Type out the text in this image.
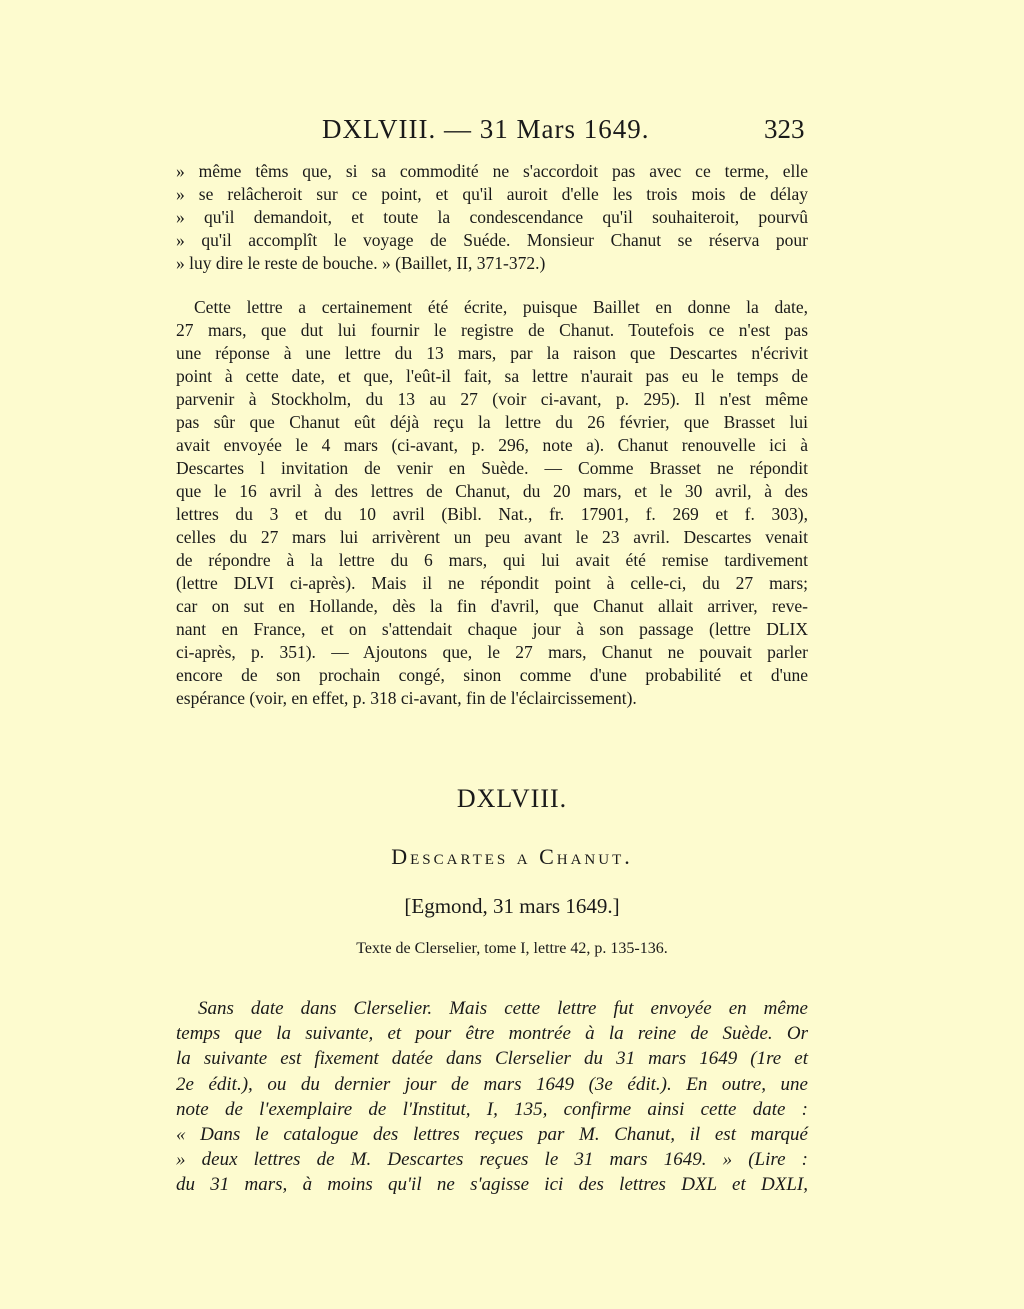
DXLVIII. — 31 Mars 1649.	323
» même têms que, si sa commodité ne s'accordoit pas avec ce terme, elle
» se relâcheroit sur ce point, et qu'il auroit d'elle les trois mois de délay
» qu'il demandoit, et toute la condescendance qu'il souhaiteroit, pourvû
» qu'il accomplît le voyage de Suéde. Monsieur Chanut se réserva pour
» luy dire le reste de bouche. » (Baillet, II, 371-372.)
Cette lettre a certainement été écrite, puisque Baillet en donne la date,
27 mars, que dut lui fournir le registre de Chanut. Toutefois ce n'est pas
une réponse à une lettre du 13 mars, par la raison que Descartes n'écrivit
point à cette date, et que, l'eût-il fait, sa lettre n'aurait pas eu le temps de
parvenir à Stockholm, du 13 au 27 (voir ci-avant, p. 295). Il n'est même
pas sûr que Chanut eût déjà reçu la lettre du 26 février, que Brasset lui
avait envoyée le 4 mars (ci-avant, p. 296, note a). Chanut renouvelle ici à
Descartes l invitation de venir en Suède. — Comme Brasset ne répondit
que le 16 avril à des lettres de Chanut, du 20 mars, et le 30 avril, à des
lettres du 3 et du 10 avril (Bibl. Nat., fr. 17901, f. 269 et f. 303),
celles du 27 mars lui arrivèrent un peu avant le 23 avril. Descartes venait
de répondre à la lettre du 6 mars, qui lui avait été remise tardivement
(lettre DLVI ci-après). Mais il ne répondit point à celle-ci, du 27 mars;
car on sut en Hollande, dès la fin d'avril, que Chanut allait arriver, reve-
nant en France, et on s'attendait chaque jour à son passage (lettre DLIX
ci-après, p. 351). — Ajoutons que, le 27 mars, Chanut ne pouvait parler
encore de son prochain congé, sinon comme d'une probabilité et d'une
espérance (voir, en effet, p. 318 ci-avant, fin de l'éclaircissement).
DXLVIII.
Descartes a Chanut.
[Egmond, 31 mars 1649.]
Texte de Clerselier, tome I, lettre 42, p. 135-136.
Sans date dans Clerselier. Mais cette lettre fut envoyée en même
temps que la suivante, et pour être montrée à la reine de Suède. Or
la suivante est fixement datée dans Clerselier du 31 mars 1649 (1re et
2e édit.), ou du dernier jour de mars 1649 (3e édit.). En outre, une
note de l'exemplaire de l'Institut, I, 135, confirme ainsi cette date :
« Dans le catalogue des lettres reçues par M. Chanut, il est marqué
» deux lettres de M. Descartes reçues le 31 mars 1649. » (Lire :
du 31 mars, à moins qu'il ne s'agisse ici des lettres DXL et DXLI,
